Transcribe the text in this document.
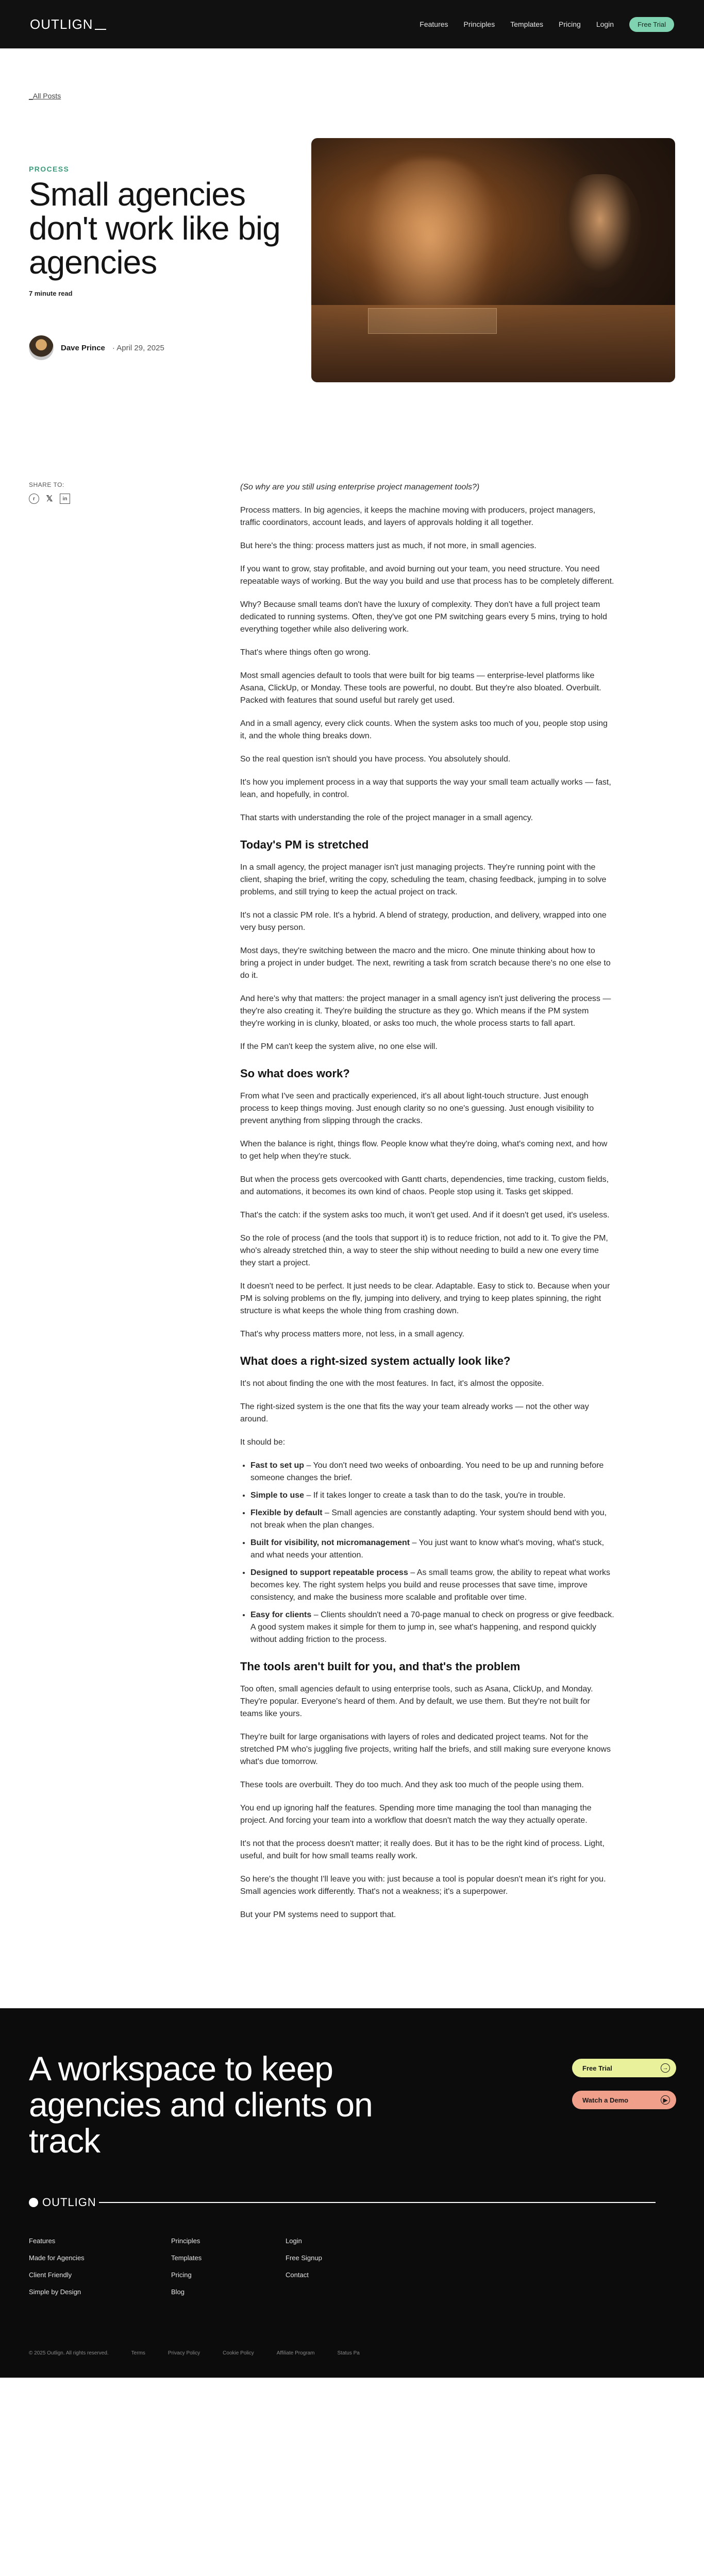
OUTLIGN	Features Principles Templates Pricing Login	Free Trial
_All Posts
PROCESS
Small agencies don't work like big agencies
7 minute read
Dave Prince · April 29, 2025
SHARE TO:
r	𝕏	in

(So why are you still using enterprise project management tools?)

Process matters. In big agencies, it keeps the machine moving with producers, project managers, traffic coordinators, account leads, and layers of approvals holding it all together.

But here's the thing: process matters just as much, if not more, in small agencies.

If you want to grow, stay profitable, and avoid burning out your team, you need structure. You need repeatable ways of working. But the way you build and use that process has to be completely different.

Why? Because small teams don't have the luxury of complexity. They don't have a full project team dedicated to running systems. Often, they've got one PM switching gears every 5 mins, trying to hold everything together while also delivering work.

That's where things often go wrong.

Most small agencies default to tools that were built for big teams — enterprise-level platforms like Asana, ClickUp, or Monday. These tools are powerful, no doubt. But they're also bloated. Overbuilt. Packed with features that sound useful but rarely get used.

And in a small agency, every click counts. When the system asks too much of you, people stop using it, and the whole thing breaks down.

So the real question isn't should you have process. You absolutely should.

It's how you implement process in a way that supports the way your small team actually works — fast, lean, and hopefully, in control.

That starts with understanding the role of the project manager in a small agency.

Today's PM is stretched

In a small agency, the project manager isn't just managing projects. They're running point with the client, shaping the brief, writing the copy, scheduling the team, chasing feedback, jumping in to solve problems, and still trying to keep the actual project on track.

It's not a classic PM role. It's a hybrid. A blend of strategy, production, and delivery, wrapped into one very busy person.

Most days, they're switching between the macro and the micro. One minute thinking about how to bring a project in under budget. The next, rewriting a task from scratch because there's no one else to do it.

And here's why that matters: the project manager in a small agency isn't just delivering the process — they're also creating it. They're building the structure as they go. Which means if the PM system they're working in is clunky, bloated, or asks too much, the whole process starts to fall apart.

If the PM can't keep the system alive, no one else will.

So what does work?

From what I've seen and practically experienced, it's all about light-touch structure. Just enough process to keep things moving. Just enough clarity so no one's guessing. Just enough visibility to prevent anything from slipping through the cracks.

When the balance is right, things flow. People know what they're doing, what's coming next, and how to get help when they're stuck.

But when the process gets overcooked with Gantt charts, dependencies, time tracking, custom fields, and automations, it becomes its own kind of chaos. People stop using it. Tasks get skipped.

That's the catch: if the system asks too much, it won't get used. And if it doesn't get used, it's useless.

So the role of process (and the tools that support it) is to reduce friction, not add to it. To give the PM, who's already stretched thin, a way to steer the ship without needing to build a new one every time they start a project.

It doesn't need to be perfect. It just needs to be clear. Adaptable. Easy to stick to. Because when your PM is solving problems on the fly, jumping into delivery, and trying to keep plates spinning, the right structure is what keeps the whole thing from crashing down.

That's why process matters more, not less, in a small agency.

What does a right-sized system actually look like?

It's not about finding the one with the most features. In fact, it's almost the opposite.

The right-sized system is the one that fits the way your team already works — not the other way around.

It should be:

• Fast to set up – You don't need two weeks of onboarding. You need to be up and running before someone changes the brief.
• Simple to use – If it takes longer to create a task than to do the task, you're in trouble.
• Flexible by default – Small agencies are constantly adapting. Your system should bend with you, not break when the plan changes.
• Built for visibility, not micromanagement – You just want to know what's moving, what's stuck, and what needs your attention.
• Designed to support repeatable process – As small teams grow, the ability to repeat what works becomes key. The right system helps you build and reuse processes that save time, improve consistency, and make the business more scalable and profitable over time.
• Easy for clients – Clients shouldn't need a 70-page manual to check on progress or give feedback. A good system makes it simple for them to jump in, see what's happening, and respond quickly without adding friction to the process.
The tools aren't built for you, and that's the problem

Too often, small agencies default to using enterprise tools, such as Asana, ClickUp, and Monday. They're popular. Everyone's heard of them. And by default, we use them. But they're not built for teams like yours.

They're built for large organisations with layers of roles and dedicated project teams. Not for the stretched PM who's juggling five projects, writing half the briefs, and still making sure everyone knows what's due tomorrow.

These tools are overbuilt. They do too much. And they ask too much of the people using them.

You end up ignoring half the features. Spending more time managing the tool than managing the project. And forcing your team into a workflow that doesn't match the way they actually operate.

It's not that the process doesn't matter; it really does. But it has to be the right kind of process. Light, useful, and built for how small teams really work.

So here's the thought I'll leave you with: just because a tool is popular doesn't mean it's right for you. Small agencies work differently. That's not a weakness; it's a superpower.

But your PM systems need to support that.

A workspace to keep agencies and clients on track
Free Trial	→
Watch a Demo	▶
OUTLIGN
Features
Made for Agencies
Client Friendly
Simple by Design
Principles
Templates
Pricing
Blog
Login
Free Signup
Contact
© 2025 Outlign. All rights reserved.	Terms	Privacy Policy	Cookie Policy	Affiliate Program	Status Pa
